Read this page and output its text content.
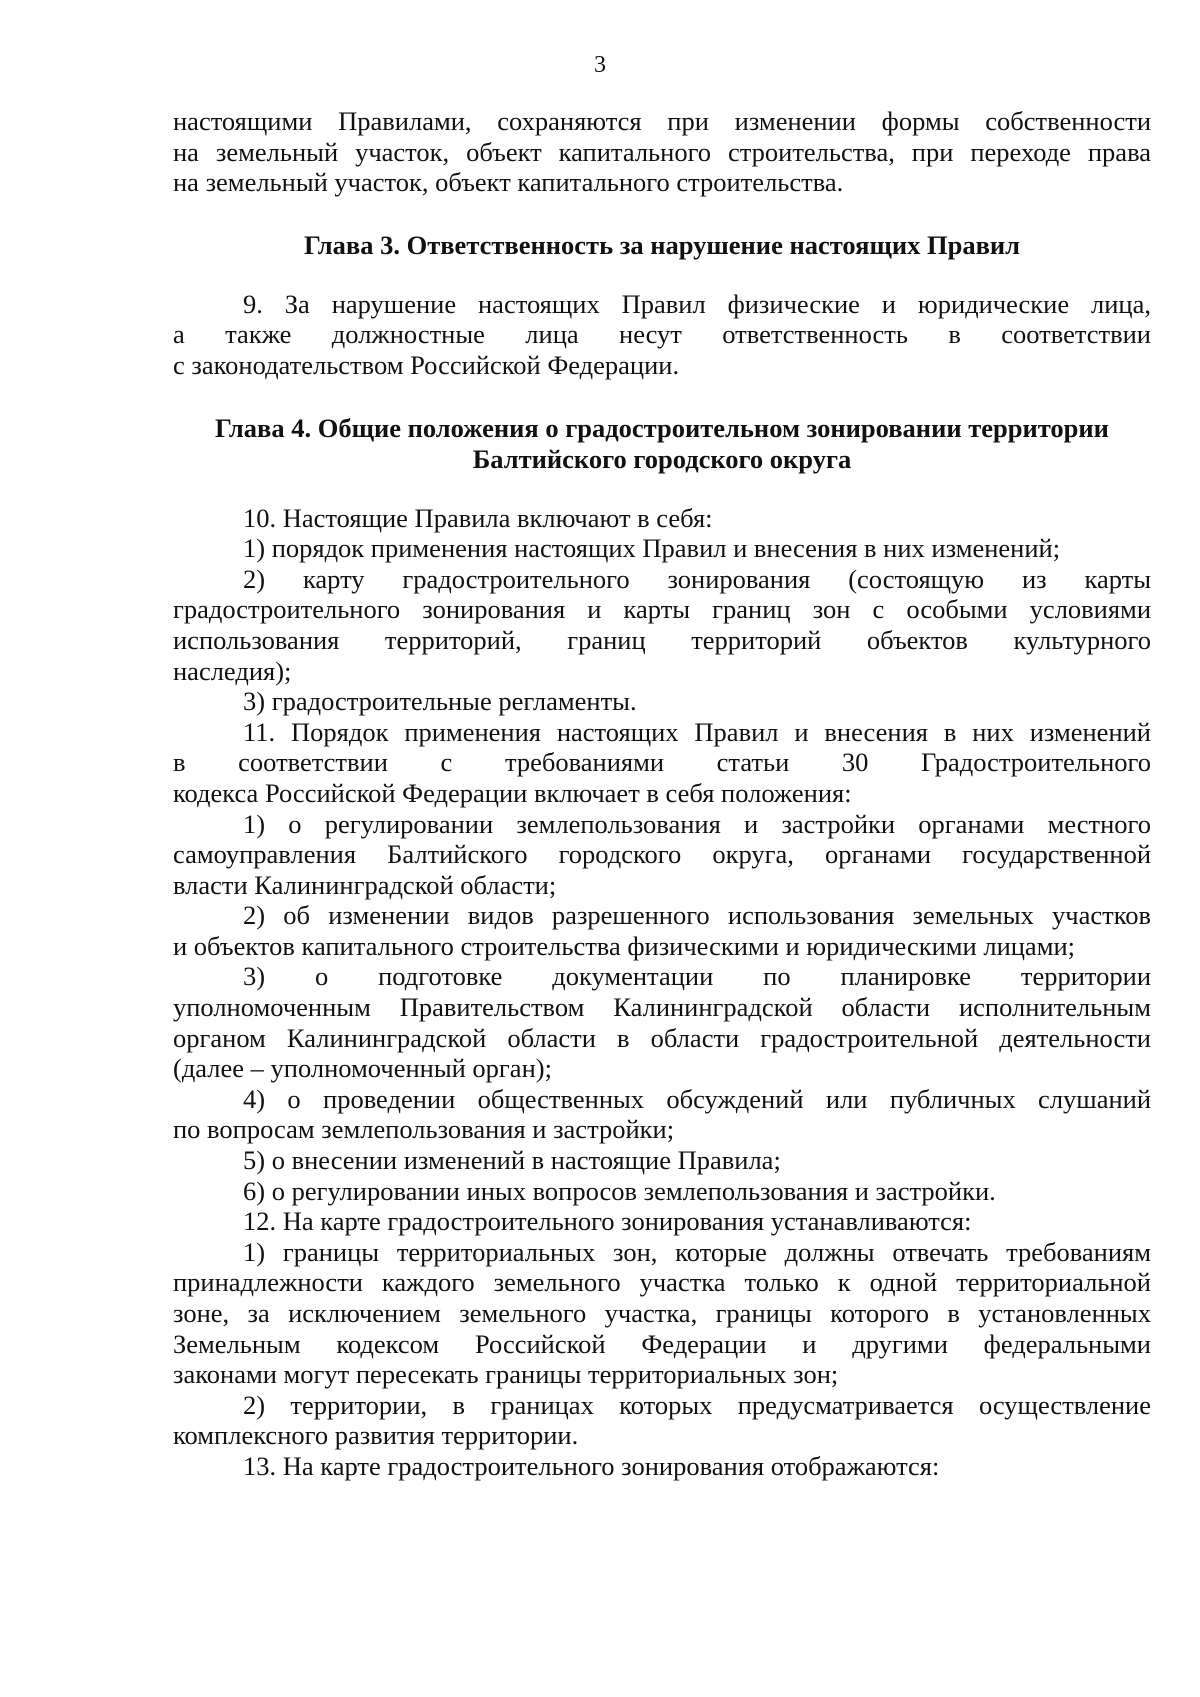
3

настоящими Правилами, сохраняются при изменении формы собственности

на земельный участок, объект капитального строительства, при переходе права

на земельный участок, объект капитального строительства.

Глава 3. Ответственность за нарушение настоящих Правил

9. За нарушение настоящих Правил физические и юридические лица,

а также должностные лица несут ответственность в соответствии

с законодательством Российской Федерации.

Глава 4. Общие положения о градостроительном зонировании территории
Балтийского городского округа

10. Настоящие Правила включают в себя:

1) порядок применения настоящих Правил и внесения в них изменений;

2) карту градостроительного зонирования (состоящую из карты

градостроительного зонирования и карты границ зон с особыми условиями

использования территорий, границ территорий объектов культурного

наследия);

3) градостроительные регламенты.

11. Порядок применения настоящих Правил и внесения в них изменений

в соответствии с требованиями статьи 30 Градостроительного

кодекса Российской Федерации включает в себя положения:

1) о регулировании землепользования и застройки органами местного

самоуправления Балтийского городского округа, органами государственной

власти Калининградской области;

2) об изменении видов разрешенного использования земельных участков

и объектов капитального строительства физическими и юридическими лицами;

3) о подготовке документации по планировке территории

уполномоченным Правительством Калининградской области исполнительным

органом Калининградской области в области градостроительной деятельности

(далее – уполномоченный орган);

4) о проведении общественных обсуждений или публичных слушаний

по вопросам землепользования и застройки;

5) о внесении изменений в настоящие Правила;

6) о регулировании иных вопросов землепользования и застройки.

12. На карте градостроительного зонирования устанавливаются:

1) границы территориальных зон, которые должны отвечать требованиям

принадлежности каждого земельного участка только к одной территориальной

зоне, за исключением земельного участка, границы которого в установленных

Земельным кодексом Российской Федерации и другими федеральными

законами могут пересекать границы территориальных зон;

2) территории, в границах которых предусматривается осуществление

комплексного развития территории.

13. На карте градостроительного зонирования отображаются:
